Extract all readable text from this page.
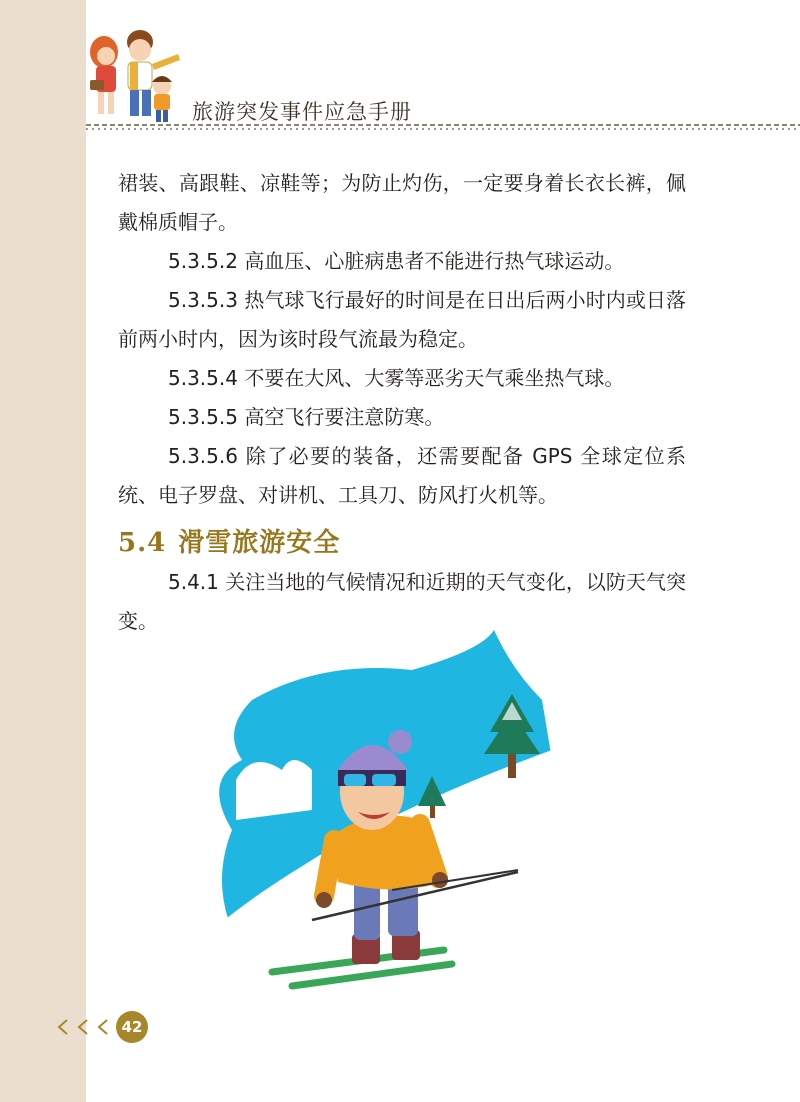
旅游突发事件应急手册

裙装、高跟鞋、凉鞋等；为防止灼伤，一定要身着长衣长裤，佩戴棉质帽子。

5.3.5.2 高血压、心脏病患者不能进行热气球运动。

5.3.5.3 热气球飞行最好的时间是在日出后两小时内或日落前两小时内，因为该时段气流最为稳定。

5.3.5.4 不要在大风、大雾等恶劣天气乘坐热气球。

5.3.5.5 高空飞行要注意防寒。

5.3.5.6 除了必要的装备，还需要配备 GPS 全球定位系统、电子罗盘、对讲机、工具刀、防风打火机等。

5.4 滑雪旅游安全

5.4.1 关注当地的气候情况和近期的天气变化，以防天气突变。

42
